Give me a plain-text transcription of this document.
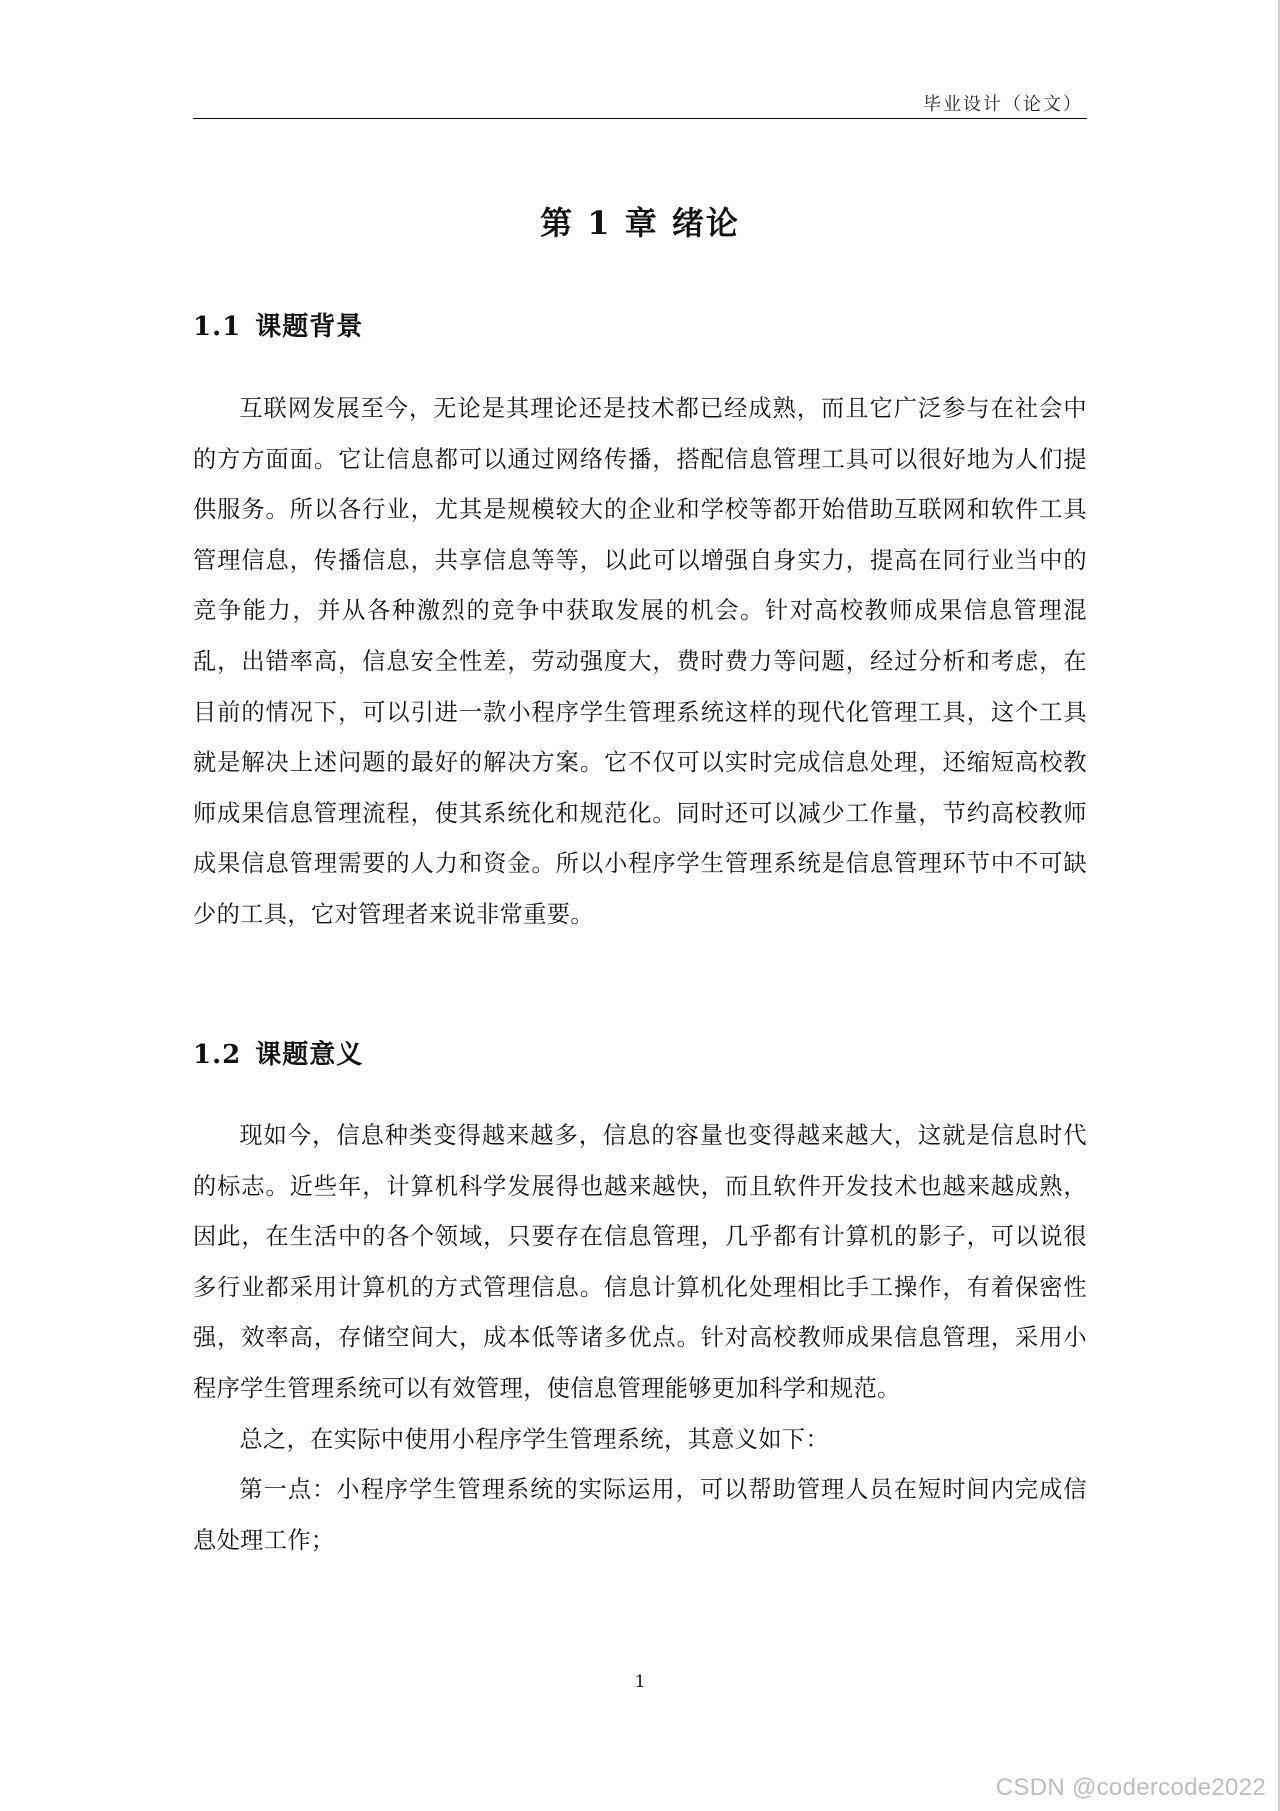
毕业设计（论文）
第 1 章 绪论
1.1 课题背景

互联网发展至今，无论是其理论还是技术都已经成熟，而且它广泛参与在社会中的方方面面。它让信息都可以通过网络传播，搭配信息管理工具可以很好地为人们提供服务。所以各行业，尤其是规模较大的企业和学校等都开始借助互联网和软件工具管理信息，传播信息，共享信息等等，以此可以增强自身实力，提高在同行业当中的竞争能力，并从各种激烈的竞争中获取发展的机会。针对高校教师成果信息管理混乱，出错率高，信息安全性差，劳动强度大，费时费力等问题，经过分析和考虑，在目前的情况下，可以引进一款小程序学生管理系统这样的现代化管理工具，这个工具就是解决上述问题的最好的解决方案。它不仅可以实时完成信息处理，还缩短高校教师成果信息管理流程，使其系统化和规范化。同时还可以减少工作量，节约高校教师成果信息管理需要的人力和资金。所以小程序学生管理系统是信息管理环节中不可缺少的工具，它对管理者来说非常重要。

1.2 课题意义

现如今，信息种类变得越来越多，信息的容量也变得越来越大，这就是信息时代的标志。近些年，计算机科学发展得也越来越快，而且软件开发技术也越来越成熟，因此，在生活中的各个领域，只要存在信息管理，几乎都有计算机的影子，可以说很多行业都采用计算机的方式管理信息。信息计算机化处理相比手工操作，有着保密性强，效率高，存储空间大，成本低等诸多优点。针对高校教师成果信息管理，采用小程序学生管理系统可以有效管理，使信息管理能够更加科学和规范。

总之，在实际中使用小程序学生管理系统，其意义如下：

第一点：小程序学生管理系统的实际运用，可以帮助管理人员在短时间内完成信息处理工作；

1
CSDN @codercode2022
